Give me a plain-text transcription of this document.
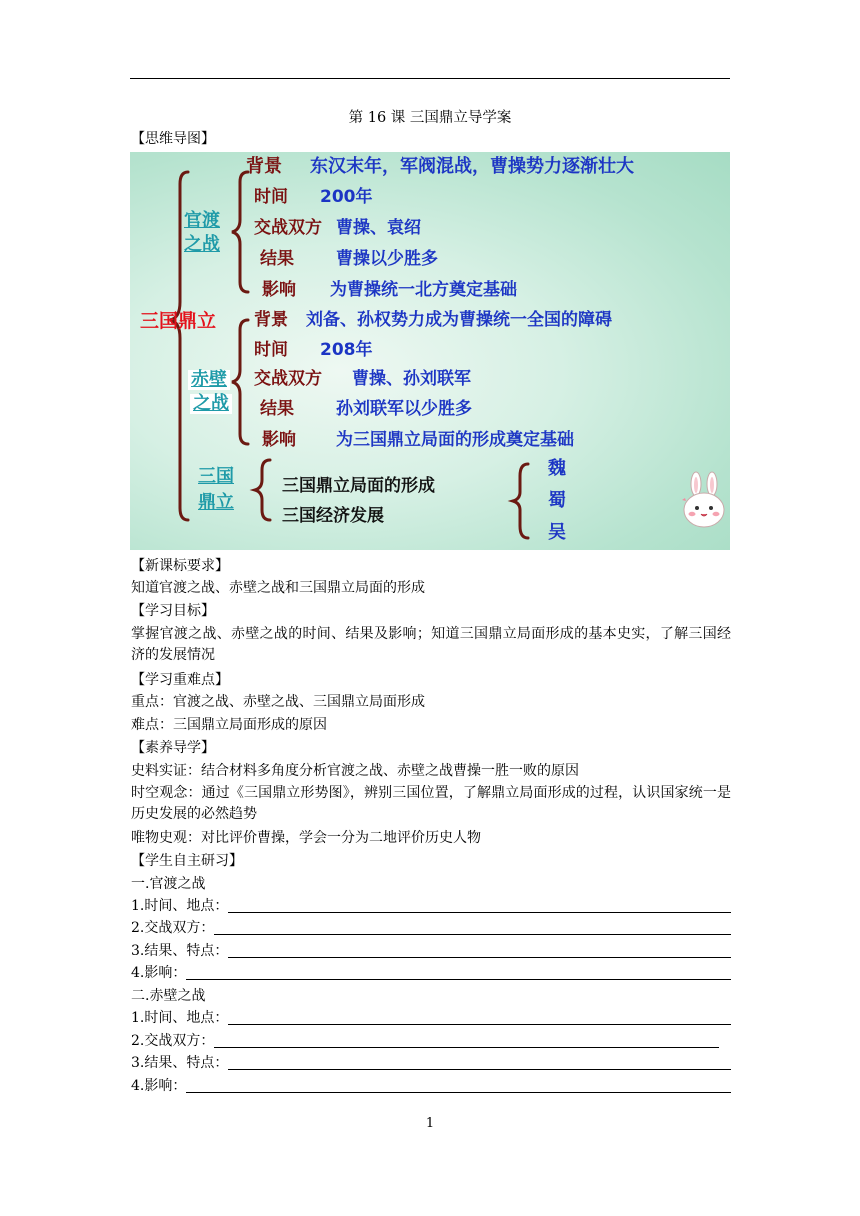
第 16 课 三国鼎立导学案
【思维导图】
三国鼎立
官渡
之战
背景 东汉末年，军阀混战，曹操势力逐渐壮大
时间 200年
交战双方 曹操、袁绍
结果 曹操以少胜多
影响 为曹操统一北方奠定基础
赤壁
之战
背景 刘备、孙权势力成为曹操统一全国的障碍
时间 208年
交战双方 曹操、孙刘联军
结果 孙刘联军以少胜多
影响 为三国鼎立局面的形成奠定基础
三国
鼎立
三国鼎立局面的形成
三国经济发展
魏
蜀
吴
【新课标要求】
知道官渡之战、赤壁之战和三国鼎立局面的形成
【学习目标】
掌握官渡之战、赤壁之战的时间、结果及影响；知道三国鼎立局面形成的基本史实，了解三国经济的发展情况
【学习重难点】
重点：官渡之战、赤壁之战、三国鼎立局面形成
难点：三国鼎立局面形成的原因
【素养导学】
史料实证：结合材料多角度分析官渡之战、赤壁之战曹操一胜一败的原因
时空观念：通过《三国鼎立形势图》，辨别三国位置，了解鼎立局面形成的过程，认识国家统一是历史发展的必然趋势
唯物史观：对比评价曹操，学会一分为二地评价历史人物
【学生自主研习】
一.官渡之战
1.时间、地点：
2.交战双方：
3.结果、特点：
4.影响：
二.赤壁之战
1.时间、地点：
2.交战双方：
3.结果、特点：
4.影响：
1
